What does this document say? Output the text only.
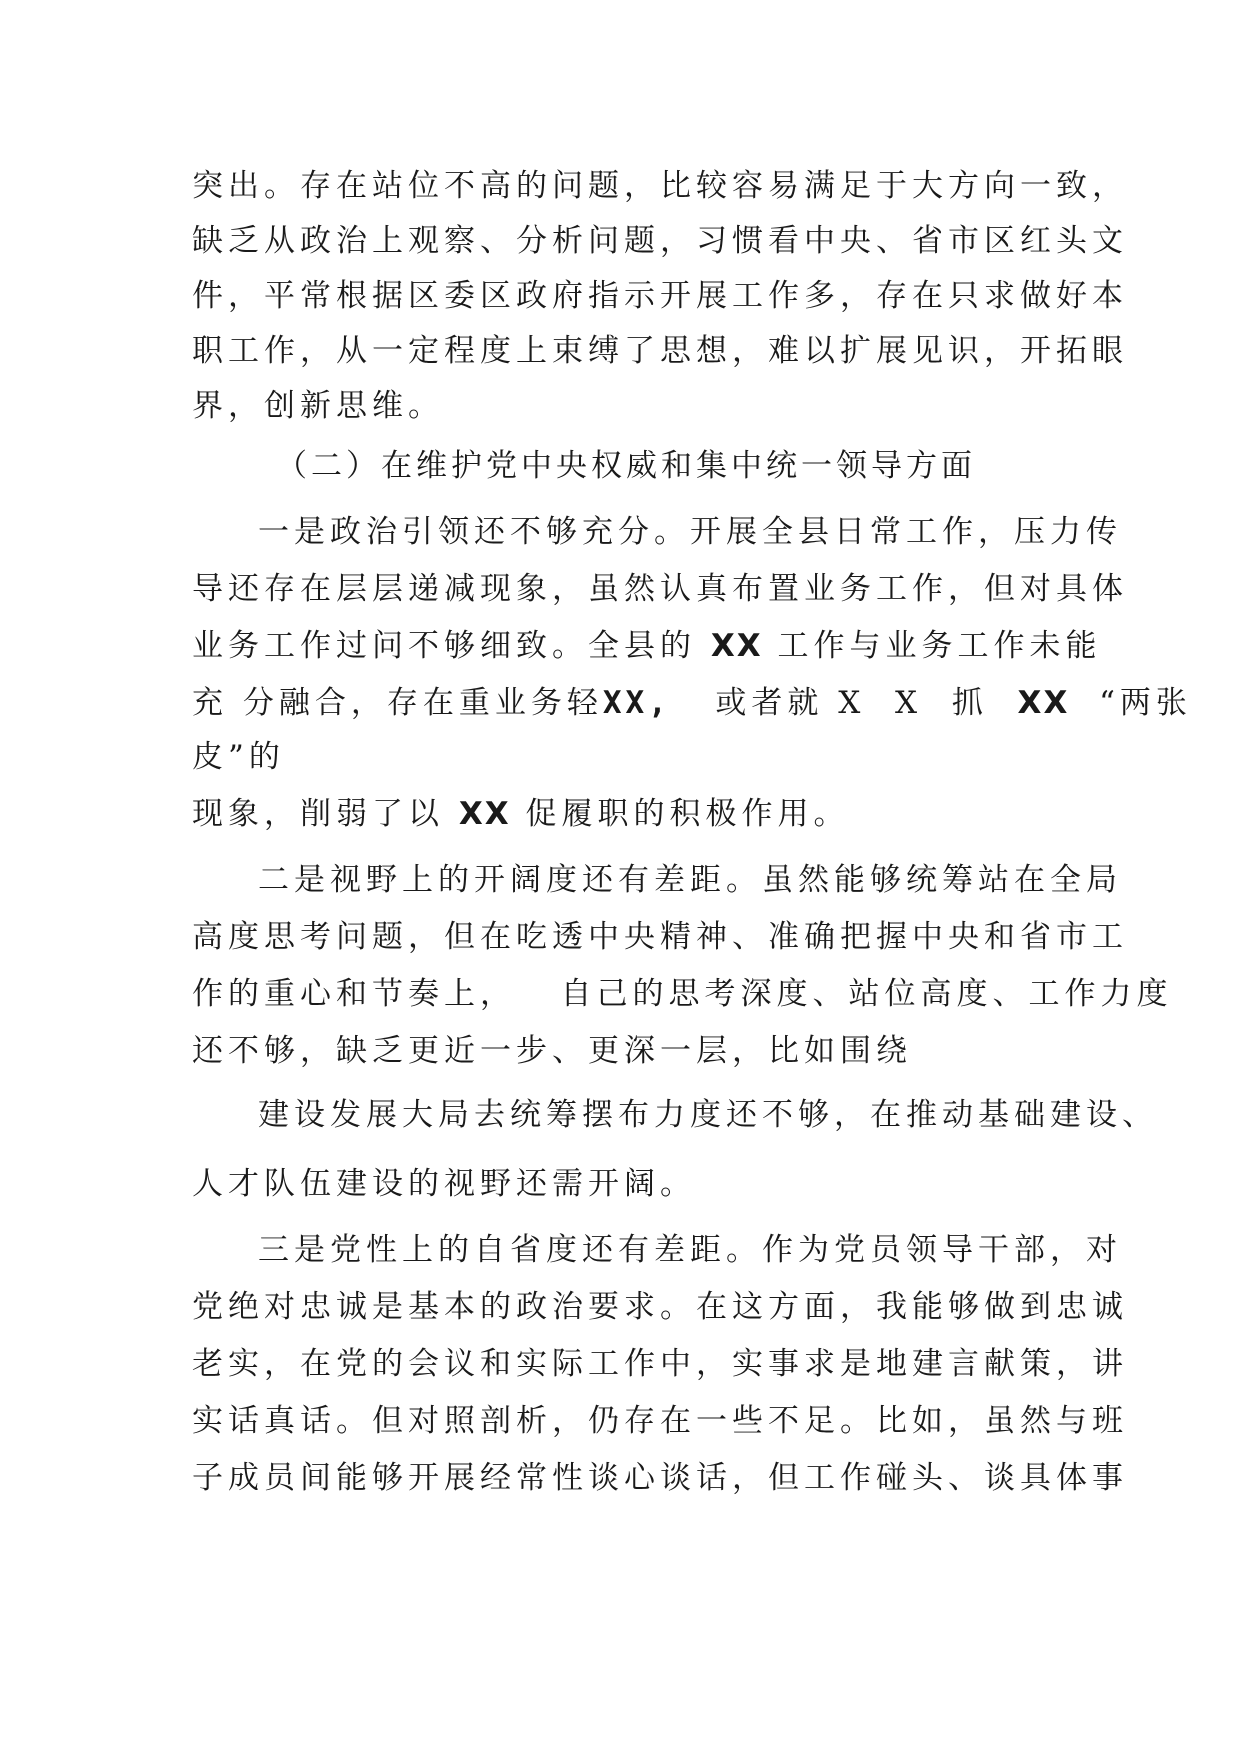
突出。存在站位不高的问题，比较容易满足于大方向一致，
缺乏从政治上观察、分析问题，习惯看中央、省市区红头文
件，平常根据区委区政府指示开展工作多，存在只求做好本
职工作，从一定程度上束缚了思想，难以扩展见识，开拓眼
界，创新思维。
（二）在维护党中央权威和集中统一领导方面
一是政治引领还不够充分。开展全县日常工作，压力传
导还存在层层递减现象，虽然认真布置业务工作，但对具体
业务工作过问不够细致。全县的 XX 工作与业务工作未能
充 分融合，存在重业务轻XX,   或者就 X  X  抓  XX  “两张
皮”的
现象，削弱了以 XX 促履职的积极作用。
二是视野上的开阔度还有差距。虽然能够统筹站在全局
高度思考问题，但在吃透中央精神、准确把握中央和省市工
作的重心和节奏上，   自己的思考深度、站位高度、工作力度
还不够，缺乏更近一步、更深一层，比如围绕
建设发展大局去统筹摆布力度还不够，在推动基础建设、
人才队伍建设的视野还需开阔。
三是党性上的自省度还有差距。作为党员领导干部，对
党绝对忠诚是基本的政治要求。在这方面，我能够做到忠诚
老实，在党的会议和实际工作中，实事求是地建言献策，讲
实话真话。但对照剖析，仍存在一些不足。比如，虽然与班
子成员间能够开展经常性谈心谈话，但工作碰头、谈具体事
